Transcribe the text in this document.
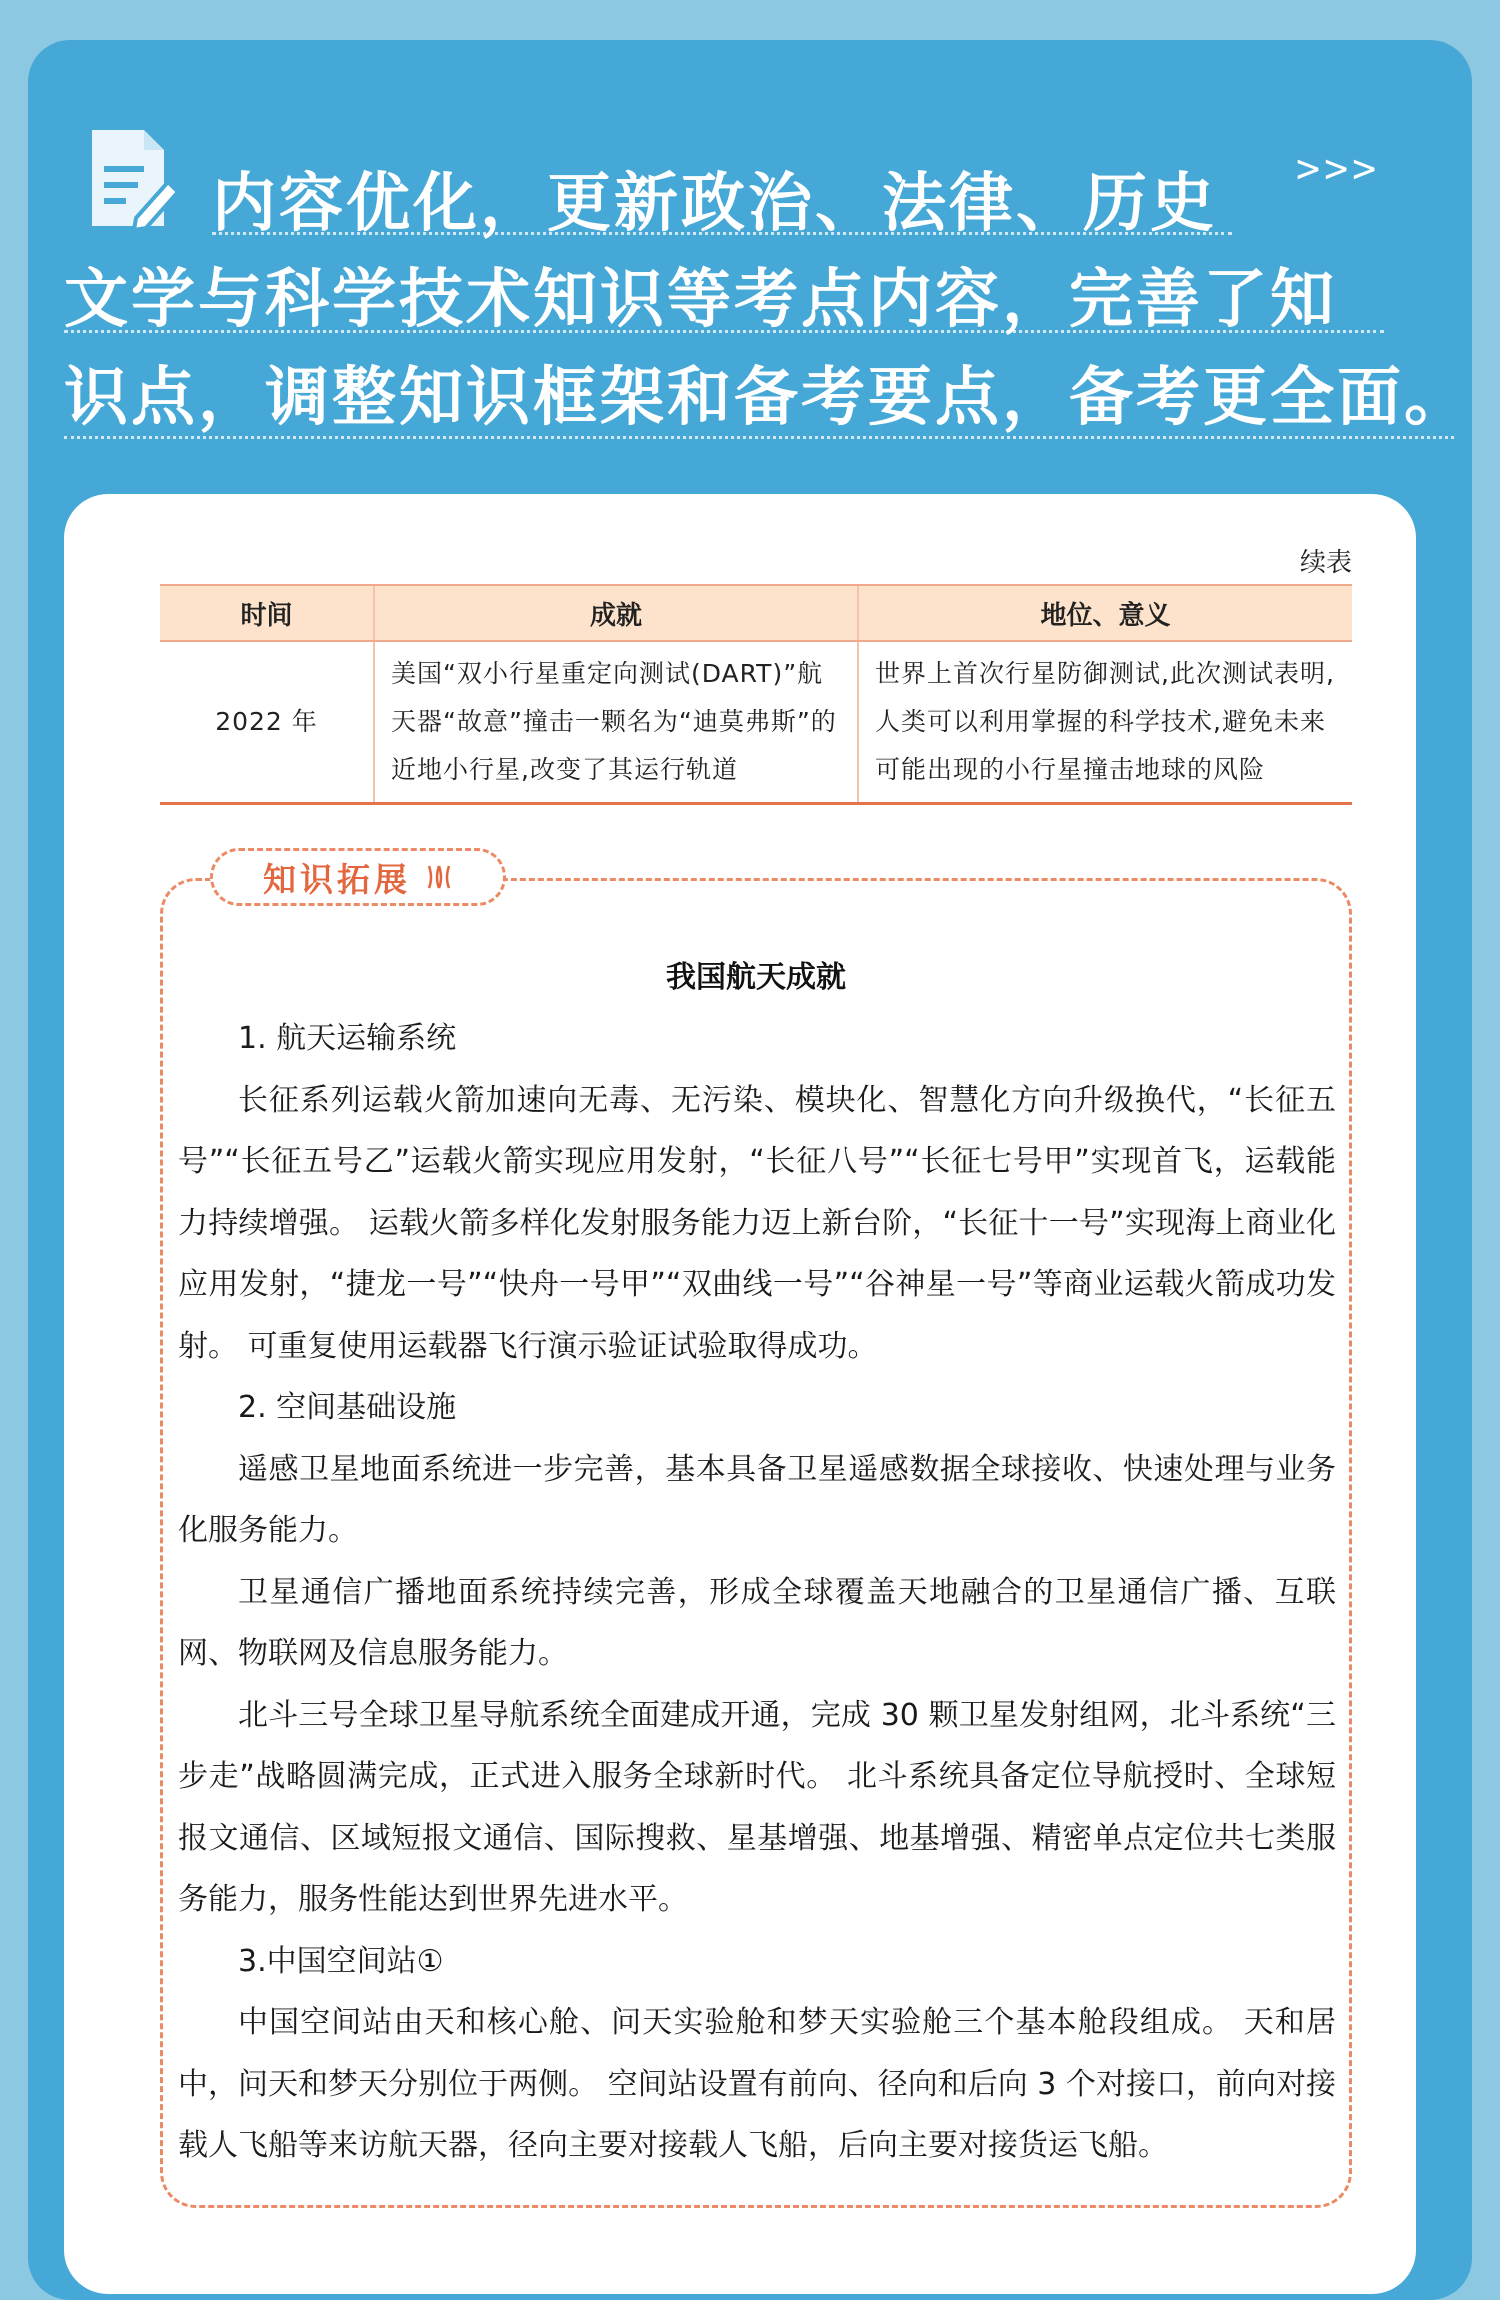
>>>
内容优化，更新政治、法律、历史
文学与科学技术知识等考点内容，完善了知
识点，调整知识框架和备考要点，备考更全面。
续表
时间	成就	地位、意义
2022 年	美国“双小行星重定向测试(DART)”航天器“故意”撞击一颗名为“迪莫弗斯”的近地小行星,改变了其运行轨道	世界上首次行星防御测试,此次测试表明,人类可以利用掌握的科学技术,避免未来可能出现的小行星撞击地球的风险
知识拓展
我国航天成就

1. 航天运输系统

长征系列运载火箭加速向无毒、无污染、模块化、智慧化方向升级换代，“长征五号”“长征五号乙”运载火箭实现应用发射，“长征八号”“长征七号甲”实现首飞，运载能力持续增强。 运载火箭多样化发射服务能力迈上新台阶，“长征十一号”实现海上商业化应用发射，“捷龙一号”“快舟一号甲”“双曲线一号”“谷神星一号”等商业运载火箭成功发射。 可重复使用运载器飞行演示验证试验取得成功。

2. 空间基础设施

遥感卫星地面系统进一步完善，基本具备卫星遥感数据全球接收、快速处理与业务化服务能力。

卫星通信广播地面系统持续完善，形成全球覆盖天地融合的卫星通信广播、互联网、物联网及信息服务能力。

北斗三号全球卫星导航系统全面建成开通，完成 30 颗卫星发射组网，北斗系统“三步走”战略圆满完成，正式进入服务全球新时代。 北斗系统具备定位导航授时、全球短报文通信、区域短报文通信、国际搜救、星基增强、地基增强、精密单点定位共七类服务能力，服务性能达到世界先进水平。

3.中国空间站①

中国空间站由天和核心舱、问天实验舱和梦天实验舱三个基本舱段组成。 天和居中，问天和梦天分别位于两侧。 空间站设置有前向、径向和后向 3 个对接口，前向对接载人飞船等来访航天器，径向主要对接载人飞船，后向主要对接货运飞船。
